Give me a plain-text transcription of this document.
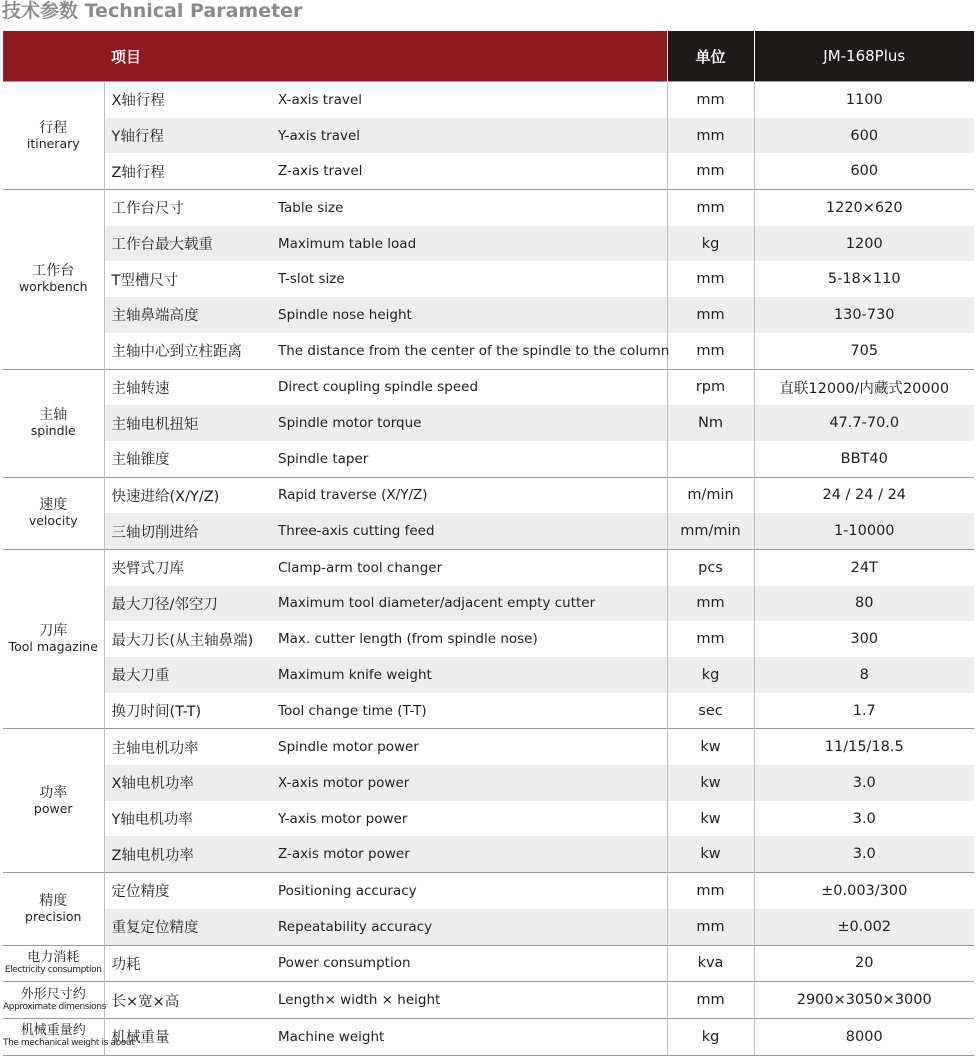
技术参数 Technical Parameter
项目			单位	JM-168Plus

行程
itinerary	X轴行程	X-axis travel	mm	1100
	Y轴行程	Y-axis travel	mm	600
	Z轴行程	Z-axis travel	mm	600

工作台
workbench	工作台尺寸	Table size	mm	1220×620
	工作台最大载重	Maximum table load	kg	1200
	T型槽尺寸	T-slot size	mm	5-18×110
	主轴鼻端高度	Spindle nose height	mm	130-730
	主轴中心到立柱距离	The distance from the center of the spindle to the column	mm	705

主轴
spindle	主轴转速	Direct coupling spindle speed	rpm	直联12000/内藏式20000
	主轴电机扭矩	Spindle motor torque	Nm	47.7-70.0
	主轴锥度	Spindle taper		BBT40

速度
velocity	快速进给(X/Y/Z)	Rapid traverse (X/Y/Z)	m/min	24 / 24 / 24
	三轴切削进给	Three-axis cutting feed	mm/min	1-10000

刀库
Tool magazine	夹臂式刀库	Clamp-arm tool changer	pcs	24T
	最大刀径/邻空刀	Maximum tool diameter/adjacent empty cutter	mm	80
	最大刀长(从主轴鼻端)	Max. cutter length (from spindle nose)	mm	300
	最大刀重	Maximum knife weight	kg	8
	换刀时间(T-T)	Tool change time (T-T)	sec	1.7

功率
power	主轴电机功率	Spindle motor power	kw	11/15/18.5
	X轴电机功率	X-axis motor power	kw	3.0
	Y轴电机功率	Y-axis motor power	kw	3.0
	Z轴电机功率	Z-axis motor power	kw	3.0

精度
precision	定位精度	Positioning accuracy	mm	±0.003/300
	重复定位精度	Repeatability accuracy	mm	±0.002

电力消耗
Electricity consumption	功耗	Power consumption	kva	20

外形尺寸约
Approximate dimensions	长×宽×高	Length× width × height	mm	2900×3050×3000

机械重量约
The mechanical weight is about	机械重量	Machine weight	kg	8000
